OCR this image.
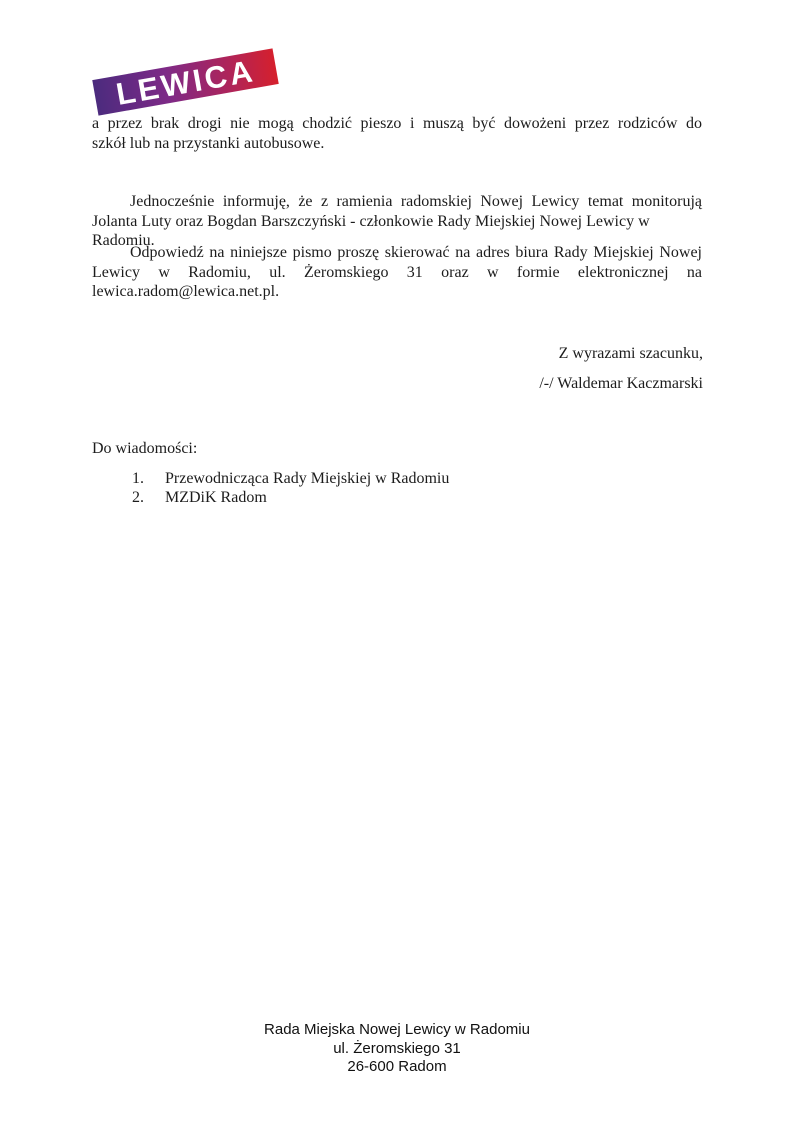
LEWICA
a przez brak drogi nie mogą chodzić pieszo i muszą być dowożeni przez rodziców do
szkół lub na przystanki autobusowe.
Jednocześnie informuję, że z ramienia radomskiej Nowej Lewicy temat monitorują
Jolanta Luty oraz Bogdan Barszczyński - członkowie Rady Miejskiej Nowej Lewicy w Radomiu.
Odpowiedź na niniejsze pismo proszę skierować na adres biura Rady Miejskiej Nowej
Lewicy w Radomiu, ul. Żeromskiego 31 oraz w formie elektronicznej na
lewica.radom@lewica.net.pl.
Z wyrazami szacunku,
/-/ Waldemar Kaczmarski
Do wiadomości:
1.	Przewodnicząca Rady Miejskiej w Radomiu
2.	MZDiK Radom
Rada Miejska Nowej Lewicy w Radomiu
ul. Żeromskiego 31
26-600 Radom
